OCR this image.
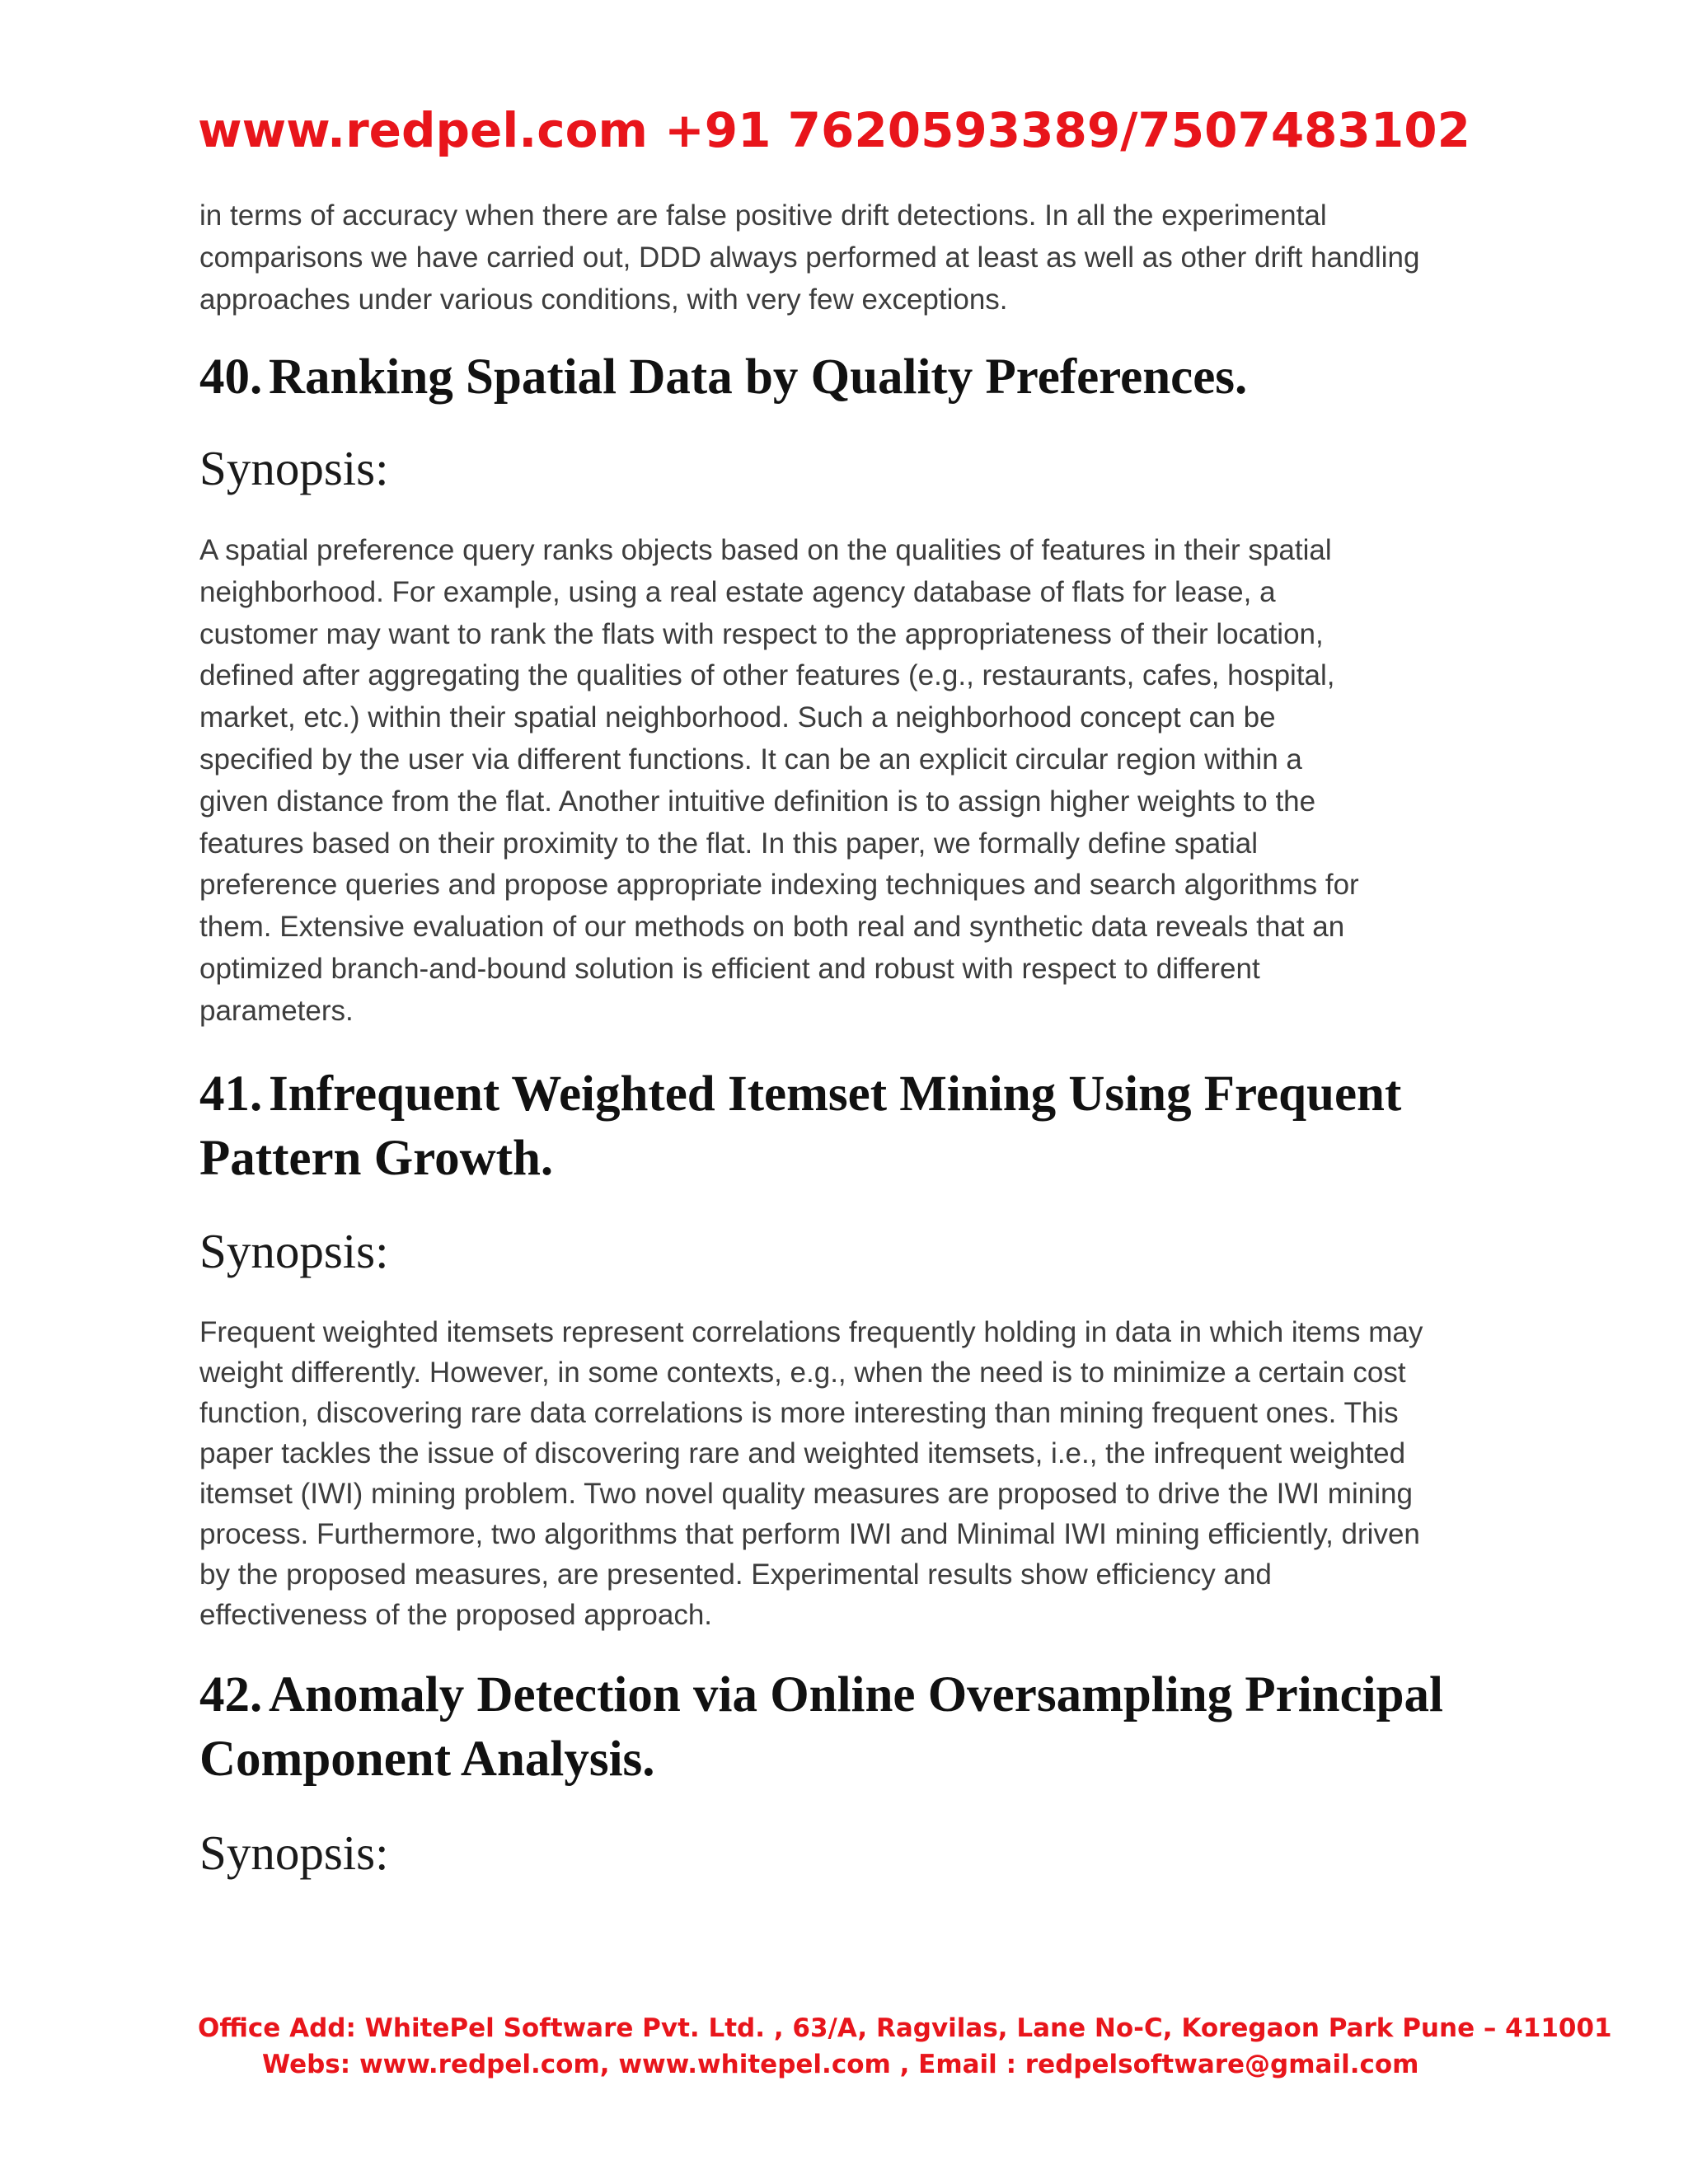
www.redpel.com +91 7620593389/7507483102
in terms of accuracy when there are false positive drift detections. In all the experimental
comparisons we have carried out, DDD always performed at least as well as other drift handling
approaches under various conditions, with very few exceptions.
40. Ranking Spatial Data by Quality Preferences.
Synopsis:
A spatial preference query ranks objects based on the qualities of features in their spatial
neighborhood. For example, using a real estate agency database of flats for lease, a
customer may want to rank the flats with respect to the appropriateness of their location,
defined after aggregating the qualities of other features (e.g., restaurants, cafes, hospital,
market, etc.) within their spatial neighborhood. Such a neighborhood concept can be
specified by the user via different functions. It can be an explicit circular region within a
given distance from the flat. Another intuitive definition is to assign higher weights to the
features based on their proximity to the flat. In this paper, we formally define spatial
preference queries and propose appropriate indexing techniques and search algorithms for
them. Extensive evaluation of our methods on both real and synthetic data reveals that an
optimized branch-and-bound solution is efficient and robust with respect to different
parameters.
41. Infrequent Weighted Itemset Mining Using Frequent
Pattern Growth.
Synopsis:
Frequent weighted itemsets represent correlations frequently holding in data in which items may
weight differently. However, in some contexts, e.g., when the need is to minimize a certain cost
function, discovering rare data correlations is more interesting than mining frequent ones. This
paper tackles the issue of discovering rare and weighted itemsets, i.e., the infrequent weighted
itemset (IWI) mining problem. Two novel quality measures are proposed to drive the IWI mining
process. Furthermore, two algorithms that perform IWI and Minimal IWI mining efficiently, driven
by the proposed measures, are presented. Experimental results show efficiency and
effectiveness of the proposed approach.
42. Anomaly Detection via Online Oversampling Principal
Component Analysis.
Synopsis:
Office Add: WhitePel Software Pvt. Ltd. , 63/A, Ragvilas, Lane No-C, Koregaon Park Pune – 411001
Webs: www.redpel.com, www.whitepel.com , Email : redpelsoftware@gmail.com
